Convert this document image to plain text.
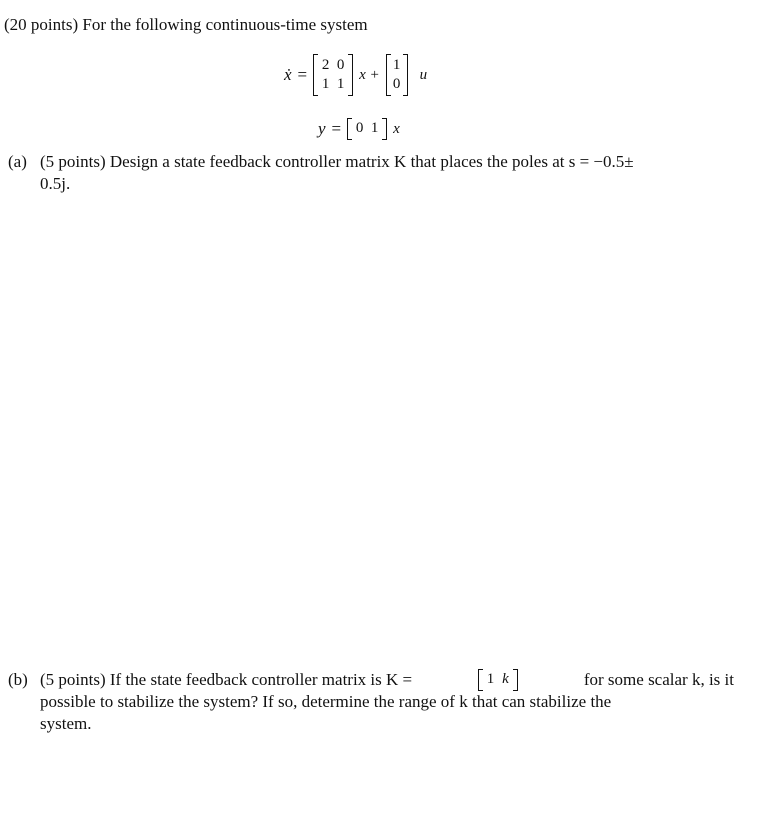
(20 points) For the following continuous-time system
ẋ = 2 0
1 1
x +
1
0
u
y = 0 1 x
(a) (5 points) Design a state feedback controller matrix K that places the poles at s = −0.5±
0.5j.
(b) (5 points) If the state feedback controller matrix is K =	1 k	for some scalar k, is it
possible to stabilize the system? If so, determine the range of k that can stabilize the
system.
